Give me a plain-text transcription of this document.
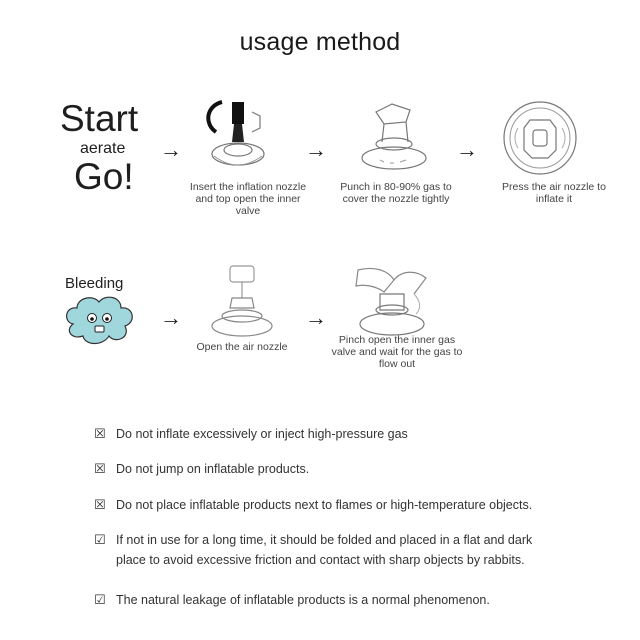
usage method
Start
aerate
Go!
→	→	→
Insert the inflation nozzle and top open the inner valve
Punch in 80-90% gas to cover the nozzle tightly
Press the air nozzle to inflate it
Bleeding
→	→
Open the air nozzle
Pinch open the inner gas valve and wait for the gas to flow out
☒ Do not inflate excessively or inject high-pressure gas
☒ Do not jump on inflatable products.
☒ Do not place inflatable products next to flames or high-temperature objects.
☑ If not in use for a long time, it should be folded and placed in a flat and dark place to avoid excessive friction and contact with sharp objects by rabbits.
☑ The natural leakage of inflatable products is a normal phenomenon.
